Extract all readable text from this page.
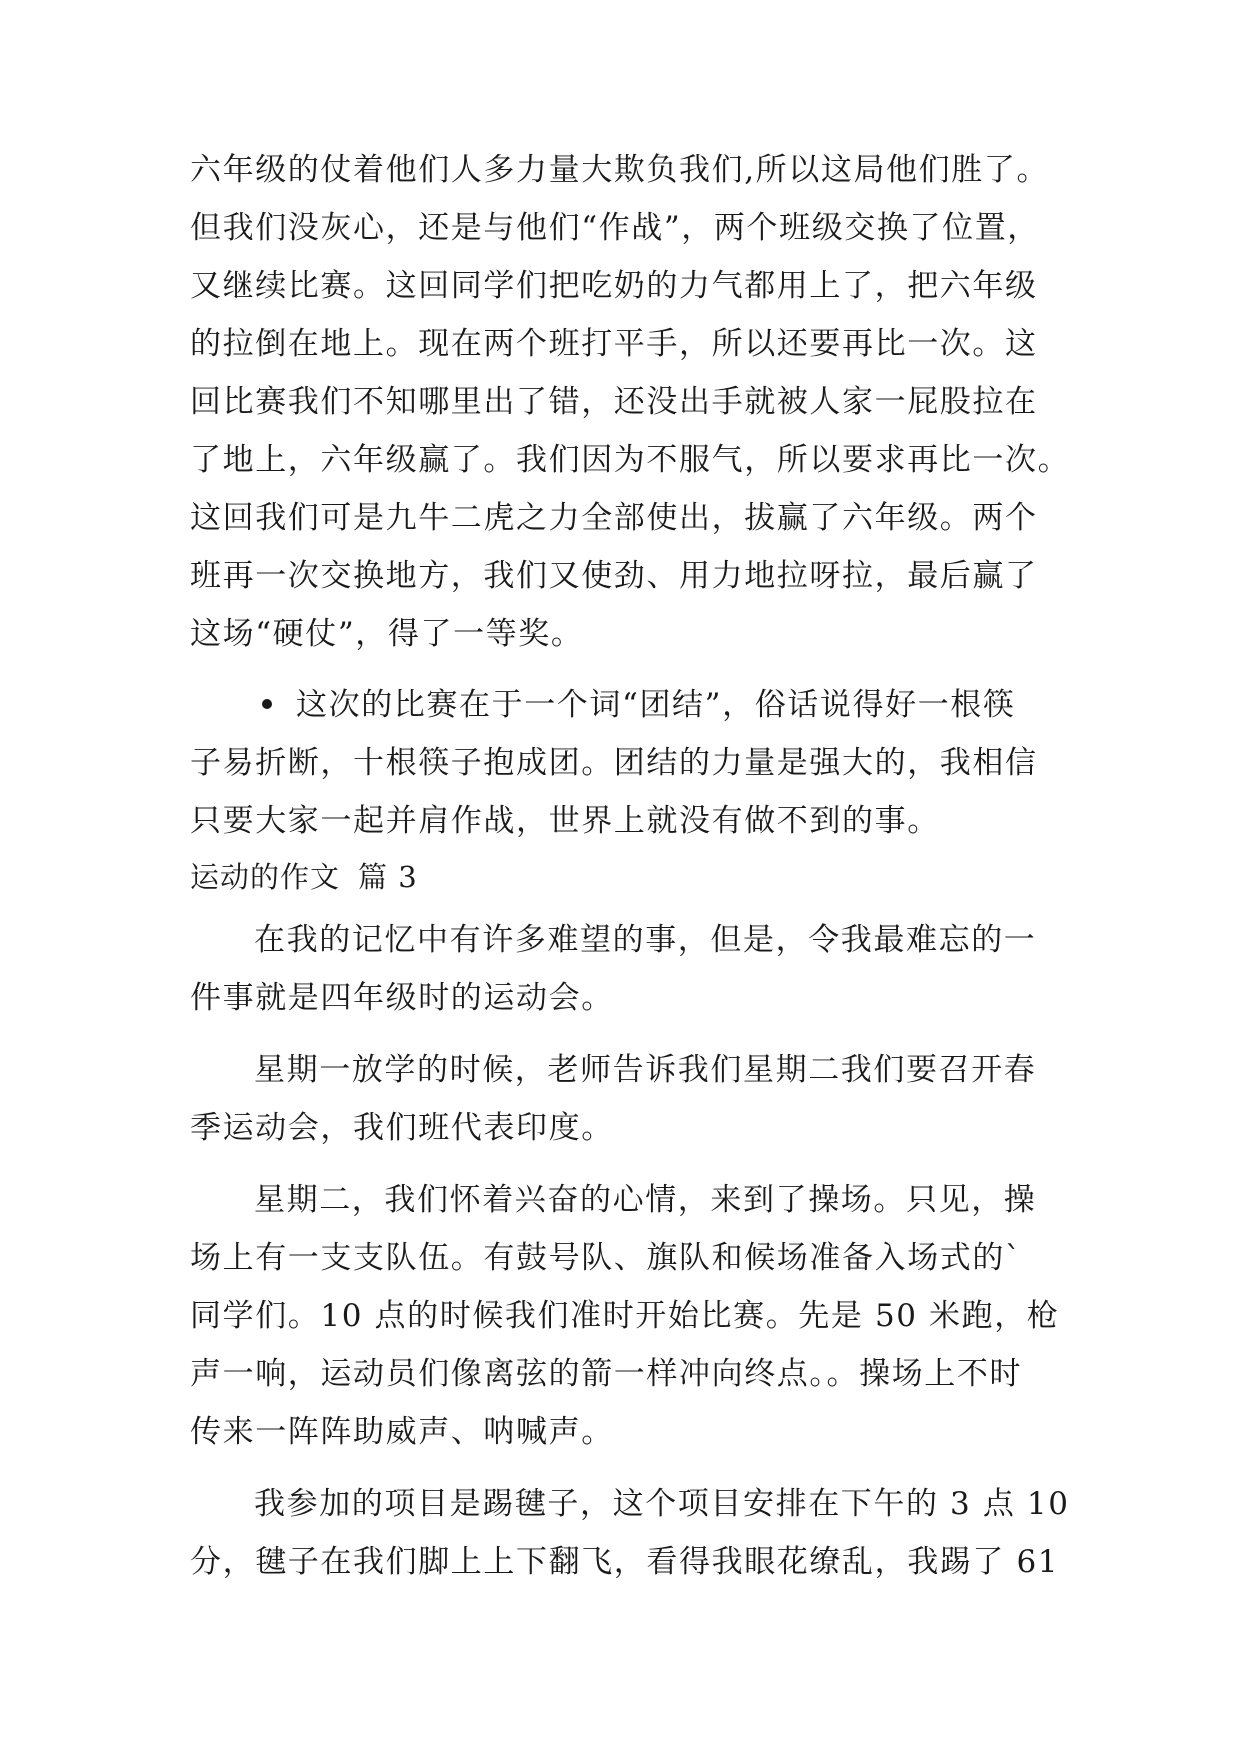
六年级的仗着他们人多力量大欺负我们,所以这局他们胜了。
但我们没灰心，还是与他们“作战”，两个班级交换了位置，
又继续比赛。这回同学们把吃奶的力气都用上了，把六年级
的拉倒在地上。现在两个班打平手，所以还要再比一次。这
回比赛我们不知哪里出了错，还没出手就被人家一屁股拉在
了地上，六年级赢了。我们因为不服气，所以要求再比一次。
这回我们可是九牛二虎之力全部使出，拔赢了六年级。两个
班再一次交换地方，我们又使劲、用力地拉呀拉，最后赢了
这场“硬仗”，得了一等奖。
这次的比赛在于一个词“团结”，俗话说得好一根筷
子易折断，十根筷子抱成团。团结的力量是强大的，我相信
只要大家一起并肩作战，世界上就没有做不到的事。
运动的作文 篇 3
在我的记忆中有许多难望的事，但是，令我最难忘的一
件事就是四年级时的运动会。
星期一放学的时候，老师告诉我们星期二我们要召开春
季运动会，我们班代表印度。
星期二，我们怀着兴奋的心情，来到了操场。只见，操
场上有一支支队伍。有鼓号队、旗队和候场准备入场式的`
同学们。10 点的时候我们准时开始比赛。先是 50 米跑，枪
声一响，运动员们像离弦的箭一样冲向终点。。操场上不时
传来一阵阵助威声、呐喊声。
我参加的项目是踢毽子，这个项目安排在下午的 3 点 10
分，毽子在我们脚上上下翻飞，看得我眼花缭乱，我踢了 61
